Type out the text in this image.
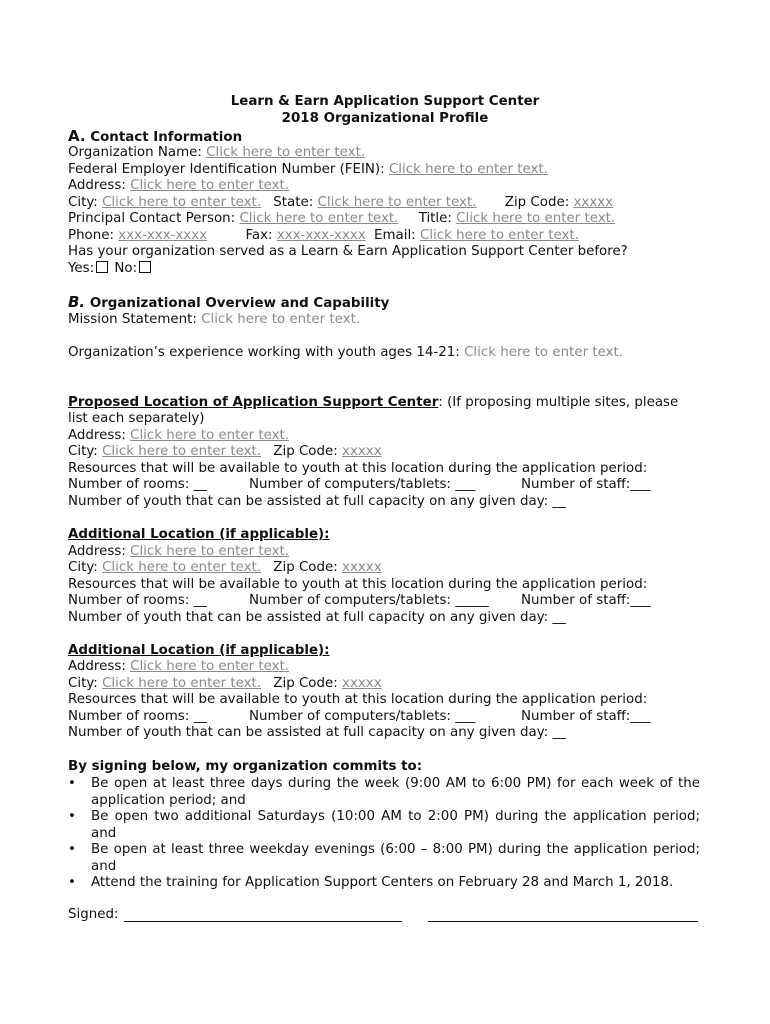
Learn & Earn Application Support Center
2018 Organizational Profile
A. Contact Information
Organization Name: Click here to enter text.
Federal Employer Identification Number (FEIN): Click here to enter text.
Address: Click here to enter text.
City: Click here to enter text. State: Click here to enter text. Zip Code: xxxxx
Principal Contact Person: Click here to enter text. Title: Click here to enter text.
Phone: xxx-xxx-xxxx	Fax: xxx-xxx-xxxx Email: Click here to enter text.
Has your organization served as a Learn & Earn Application Support Center before?
Yes: No:
B. Organizational Overview and Capability
Mission Statement: Click here to enter text.
Organization’s experience working with youth ages 14-21: Click here to enter text.
Proposed Location of Application Support Center: (If proposing multiple sites, please
list each separately)
Address: Click here to enter text.
City: Click here to enter text. Zip Code: xxxxx
Resources that will be available to youth at this location during the application period:
Number of rooms: __	Number of computers/tablets: ___	Number of staff:___
Number of youth that can be assisted at full capacity on any given day: __
Additional Location (if applicable):
Address: Click here to enter text.
City: Click here to enter text. Zip Code: xxxxx
Resources that will be available to youth at this location during the application period:
Number of rooms: __	Number of computers/tablets: _____ Number of staff:___
Number of youth that can be assisted at full capacity on any given day: __
Additional Location (if applicable):
Address: Click here to enter text.
City: Click here to enter text. Zip Code: xxxxx
Resources that will be available to youth at this location during the application period:
Number of rooms: __	Number of computers/tablets: ___	Number of staff:___
Number of youth that can be assisted at full capacity on any given day: __
By signing below, my organization commits to:
• Be open at least three days during the week (9:00 AM to 6:00 PM) for each week of the application period; and
• Be open two additional Saturdays (10:00 AM to 2:00 PM) during the application period; and
• Be open at least three weekday evenings (6:00 – 8:00 PM) during the application period; and
• Attend the training for Application Support Centers on February 28 and March 1, 2018.
Signed:
